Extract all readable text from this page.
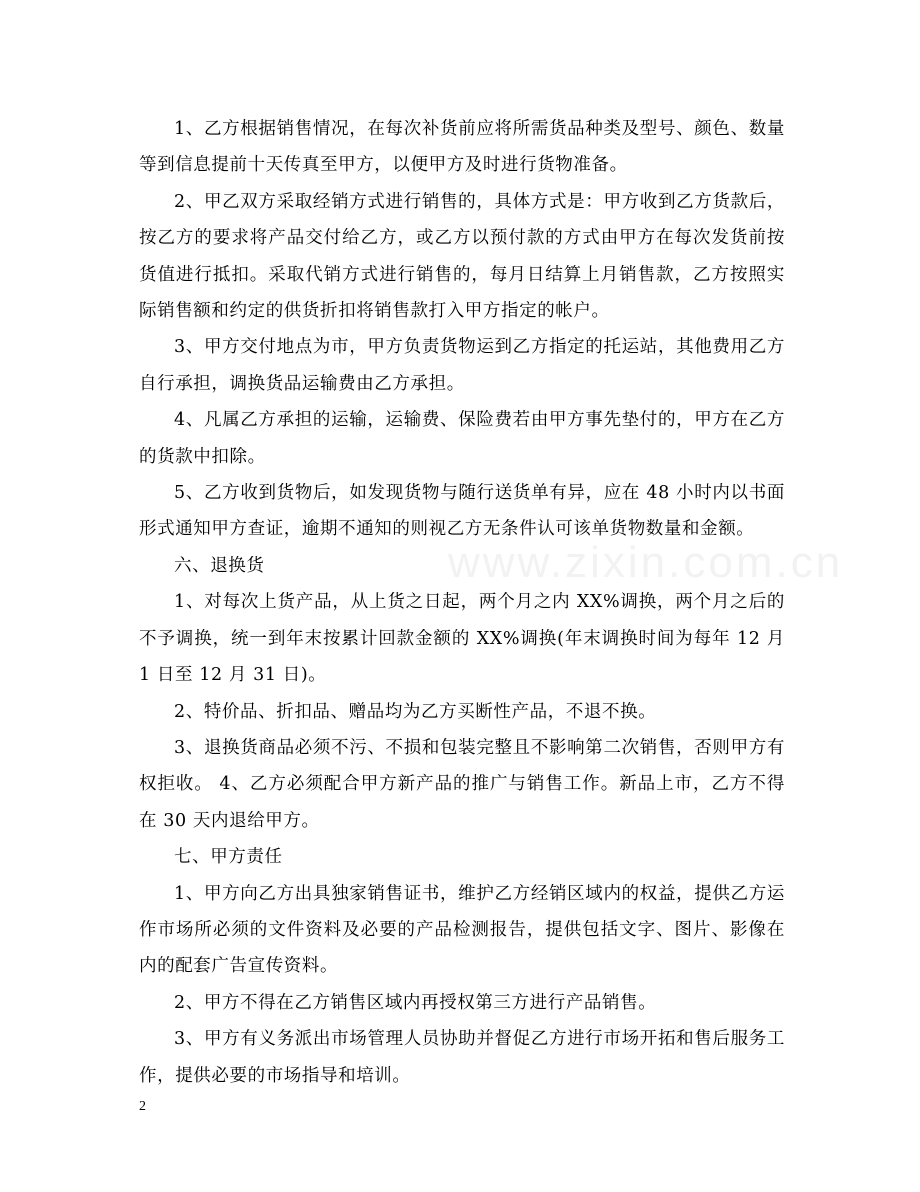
www.zixin.com.cn

1、乙方根据销售情况，在每次补货前应将所需货品种类及型号、颜色、数量等到信息提前十天传真至甲方，以便甲方及时进行货物准备。

2、甲乙双方采取经销方式进行销售的，具体方式是：甲方收到乙方货款后，按乙方的要求将产品交付给乙方，或乙方以预付款的方式由甲方在每次发货前按货值进行抵扣。采取代销方式进行销售的，每月日结算上月销售款，乙方按照实际销售额和约定的供货折扣将销售款打入甲方指定的帐户。

3、甲方交付地点为市，甲方负责货物运到乙方指定的托运站，其他费用乙方自行承担，调换货品运输费由乙方承担。

4、凡属乙方承担的运输，运输费、保险费若由甲方事先垫付的，甲方在乙方的货款中扣除。

5、乙方收到货物后，如发现货物与随行送货单有异，应在 48 小时内以书面形式通知甲方查证，逾期不通知的则视乙方无条件认可该单货物数量和金额。

六、退换货

1、对每次上货产品，从上货之日起，两个月之内 XX%调换，两个月之后的不予调换，统一到年末按累计回款金额的 XX%调换(年末调换时间为每年 12 月 1 日至 12 月 31 日)。

2、特价品、折扣品、赠品均为乙方买断性产品，不退不换。

3、退换货商品必须不污、不损和包装完整且不影响第二次销售，否则甲方有权拒收。 4、乙方必须配合甲方新产品的推广与销售工作。新品上市，乙方不得在 30 天内退给甲方。

七、甲方责任

1、甲方向乙方出具独家销售证书，维护乙方经销区域内的权益，提供乙方运作市场所必须的文件资料及必要的产品检测报告，提供包括文字、图片、影像在内的配套广告宣传资料。

2、甲方不得在乙方销售区域内再授权第三方进行产品销售。

3、甲方有义务派出市场管理人员协助并督促乙方进行市场开拓和售后服务工作，提供必要的市场指导和培训。

2
